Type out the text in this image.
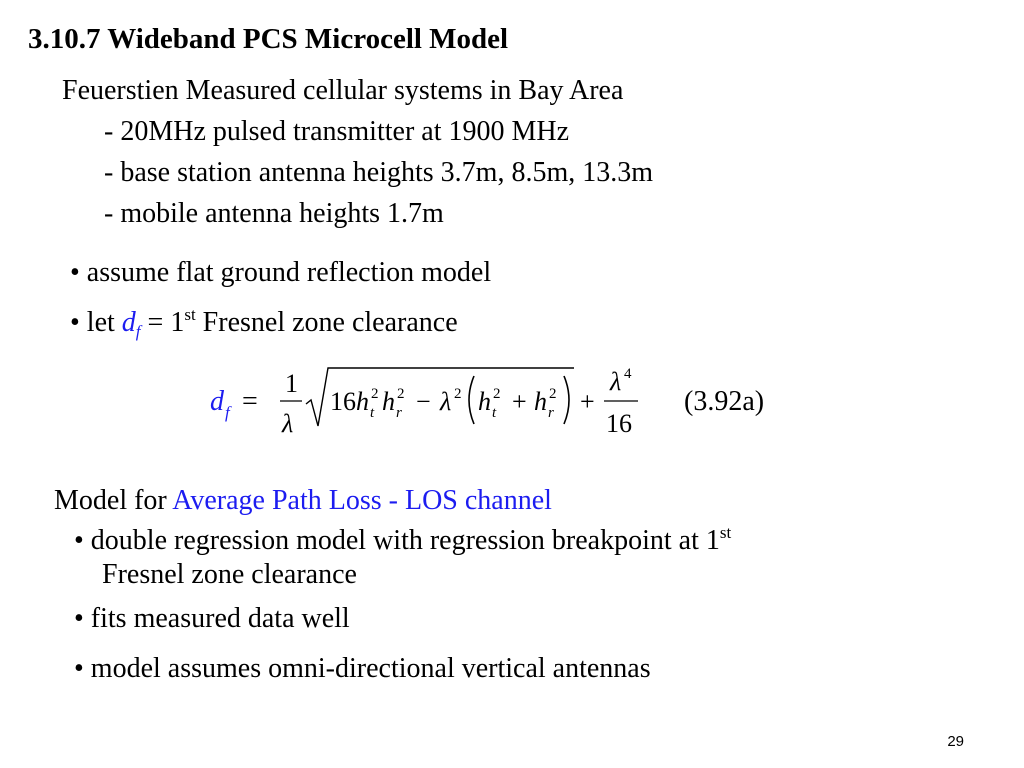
3.10.7 Wideband PCS Microcell Model
Feuerstien Measured cellular systems in Bay Area
- 20MHz pulsed transmitter at 1900 MHz
- base station antenna heights 3.7m, 8.5m, 13.3m
- mobile antenna heights 1.7m
• assume flat ground reflection model
• let $d_f = 1st$ Fresnel zone clearance
d f =
1
λ
16 h 2
t h 2
r − λ 2 h 2
t + h 2
r +
λ 4
16
(3.92a)
Model for Average Path Loss - LOS channel
• double regression model with regression breakpoint at 1st
Fresnel zone clearance
• fits measured data well
• model assumes omni-directional vertical antennas
29
